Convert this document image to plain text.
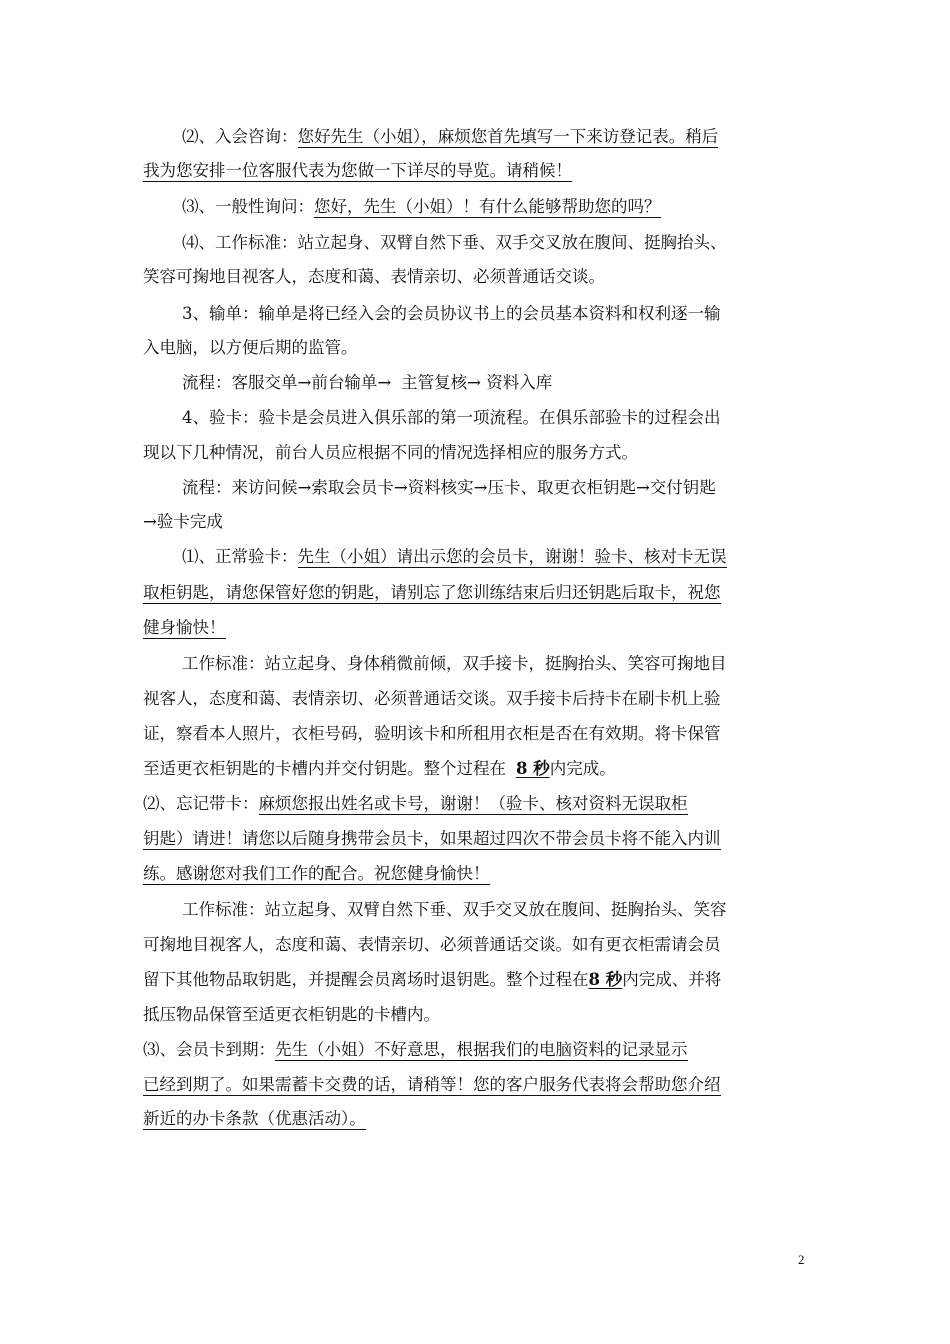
⑵、入会咨询：您好先生（小姐），麻烦您首先填写一下来访登记表。稍后
我为您安排一位客服代表为您做一下详尽的导览。请稍候！
⑶、一般性询问：您好，先生（小姐）！有什么能够帮助您的吗？
⑷、工作标准：站立起身、双臂自然下垂、双手交叉放在腹间、挺胸抬头、
笑容可掬地目视客人，态度和蔼、表情亲切、必须普通话交谈。
3、输单：输单是将已经入会的会员协议书上的会员基本资料和权利逐一输
入电脑，以方便后期的监管。
流程：客服交单→前台输单→ 主管复核→ 资料入库
4、验卡：验卡是会员进入俱乐部的第一项流程。在俱乐部验卡的过程会出
现以下几种情况，前台人员应根据不同的情况选择相应的服务方式。
流程：来访问候→索取会员卡→资料核实→压卡、取更衣柜钥匙→交付钥匙
→验卡完成
⑴、正常验卡：先生（小姐）请出示您的会员卡，谢谢！验卡、核对卡无误
取柜钥匙，请您保管好您的钥匙，请别忘了您训练结束后归还钥匙后取卡，祝您
健身愉快！
工作标准：站立起身、身体稍微前倾，双手接卡，挺胸抬头、笑容可掬地目
视客人，态度和蔼、表情亲切、必须普通话交谈。双手接卡后持卡在刷卡机上验
证，察看本人照片，衣柜号码，验明该卡和所租用衣柜是否在有效期。将卡保管
至适更衣柜钥匙的卡槽内并交付钥匙。整个过程在 8 秒内完成。
⑵、忘记带卡：麻烦您报出姓名或卡号，谢谢！（验卡、核对资料无误取柜
钥匙）请进！请您以后随身携带会员卡，如果超过四次不带会员卡将不能入内训
练。感谢您对我们工作的配合。祝您健身愉快！
工作标准：站立起身、双臂自然下垂、双手交叉放在腹间、挺胸抬头、笑容
可掬地目视客人，态度和蔼、表情亲切、必须普通话交谈。如有更衣柜需请会员
留下其他物品取钥匙，并提醒会员离场时退钥匙。整个过程在8 秒内完成、并将
抵压物品保管至适更衣柜钥匙的卡槽内。
⑶、会员卡到期：先生（小姐）不好意思，根据我们的电脑资料的记录显示
已经到期了。如果需蓄卡交费的话，请稍等！您的客户服务代表将会帮助您介绍
新近的办卡条款（优惠活动）。
2
